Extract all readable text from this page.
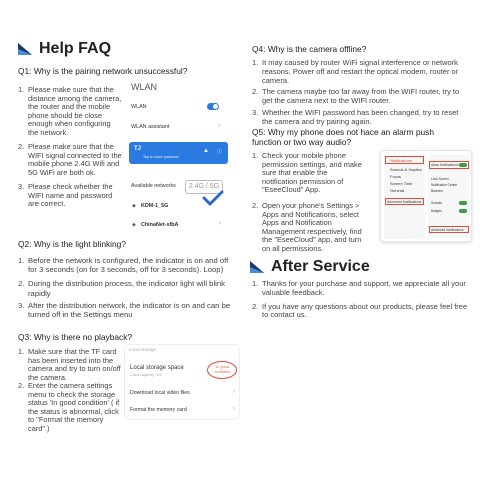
Help FAQ
Q1: Why is the pairing network unsuccessful?
1. Please make sure that the distance among the camera, the router and the mobile phone should be close enough when configuring the network.
2. Please make sure that the WIFI signal connected to the mobile phone 2.4G Wifi and 5G WiFi are both ok.
3. Please check whether the WIFI name and password are correct.
WLAN
WLAN
WLAN assistant	›
TJ
Tap to share password
▲ ⓘ
Available networks	2.4G / 5G
◆ KDM-1_5G
◆ ChinaNet-sfbA	›
Q2: Why is the light blinking?
1. Before the network is configured, the indicator is on and off for 3 seconds (on for 3 seconds, off for 3 seconds). Loop)
2. During the distribution process, the indicator light will blink rapidly
3. After the distribution network, the indicator is on and can be turned off in the Settings menu
Q3: Why is there no playback?
1. Make sure that the TF card has been inserted into the camera and try to turn on/off the camera.
2. Enter the camera settings menu to check the storage status 'In good condition' ( if the status is abnormal, click to "Format the memory card".)
Local storage
Local storage space
Used capacity: 0%
In good condition
Download local video files	›
Format the memory card	›
Q4: Why is the camera offline?
1. It may caused by router WiFi signal interference or network reasons. Power off and restart the optical modem, router or camera.
2. The camera maybe too far away from the WIFI router, try to get the camera next to the WIFI router.
3. Whether the WIFI password has been changed, try to reset the camera and try pairing again.
Q5: Why my phone does not hace an alarm push function or two way audio?
1. Check your mobile phone permission settings, and make sure that enable the notification permission of "EseeCloud" App.
2. Open your phone's Settings > Apps and Notifications, select Apps and Notification Management respectively, find the "EseeCloud" app, and turn on all permissions.
Notifications
Sounds & Haptics
Focus
Screen Time
General
Advanced Notifications
Allow Notifications
Lock Screen
Notification Center
Banners
Sounds
Badges
Advanced Notifications
After Service
1. Thanks for your purchase and support, we appreciate all your valuable feedback.
2. If you have any questions about our products, please feel free to contact us.
